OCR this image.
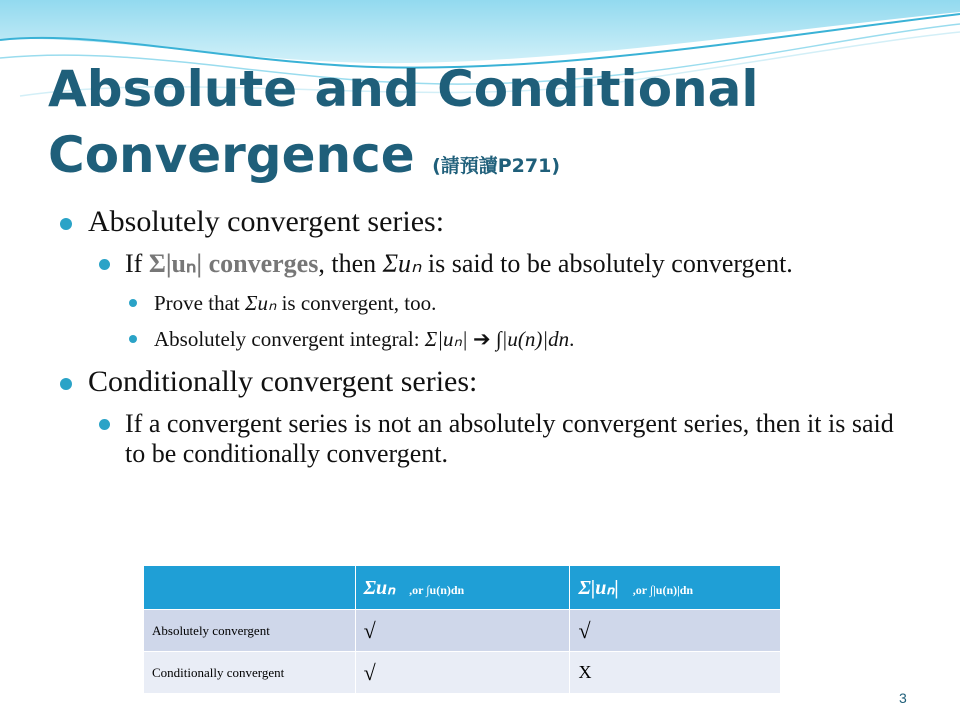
Absolute and Conditional Convergence (請預讀P271)
Absolutely convergent series:
If Σ|uₙ| converges, then Σuₙ is said to be absolutely convergent.
Prove that Σuₙ is convergent, too.
Absolutely convergent integral: Σ|uₙ| ➔ ∫|u(n)|dn.
Conditionally convergent series:
If a convergent series is not an absolutely convergent series, then it is said to be conditionally convergent.
	Σuₙ ,or ∫u(n)dn	Σ|uₙ| ,or ∫|u(n)|dn
Absolutely convergent	√	√
Conditionally convergent	√	X
3
